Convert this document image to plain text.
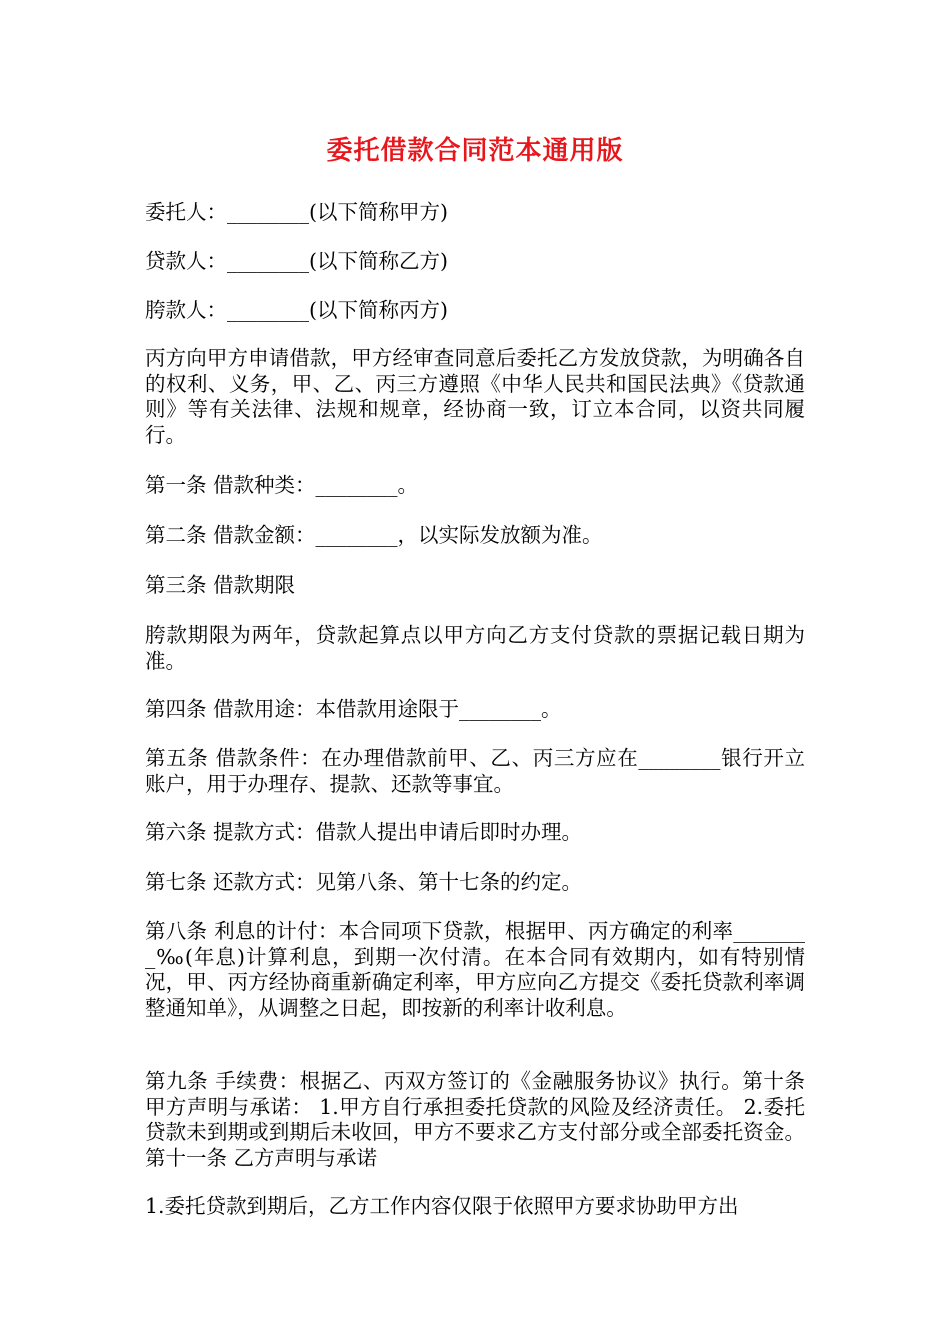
委托借款合同范本通用版

委托人：________(以下简称甲方)

贷款人：________(以下简称乙方)

胯款人：________(以下简称丙方)

丙方向甲方申请借款，甲方经审查同意后委托乙方发放贷款，为明确各自的权利、义务，甲、乙、丙三方遵照《中华人民共和国民法典》《贷款通则》等有关法律、法规和规章，经协商一致，订立本合同，以资共同履行。

第一条 借款种类：________。

第二条 借款金额：________，以实际发放额为准。

第三条 借款期限

胯款期限为两年，贷款起算点以甲方向乙方支付贷款的票据记载日期为准。

第四条 借款用途：本借款用途限于________。

第五条 借款条件：在办理借款前甲、乙、丙三方应在________银行开立账户，用于办理存、提款、还款等事宜。

第六条 提款方式：借款人提出申请后即时办理。

第七条 还款方式：见第八条、第十七条的约定。

第八条 利息的计付：本合同项下贷款，根据甲、丙方确定的利率________‰(年息)计算利息，到期一次付清。在本合同有效期内，如有特别情况，甲、丙方经协商重新确定利率，甲方应向乙方提交《委托贷款利率调整通知单》，从调整之日起，即按新的利率计收利息。

第九条 手续费：根据乙、丙双方签订的《金融服务协议》执行。第十条 甲方声明与承诺： 1.甲方自行承担委托贷款的风险及经济责任。 2.委托贷款未到期或到期后未收回，甲方不要求乙方支付部分或全部委托资金。 第十一条 乙方声明与承诺

1.委托贷款到期后，乙方工作内容仅限于依照甲方要求协助甲方出
